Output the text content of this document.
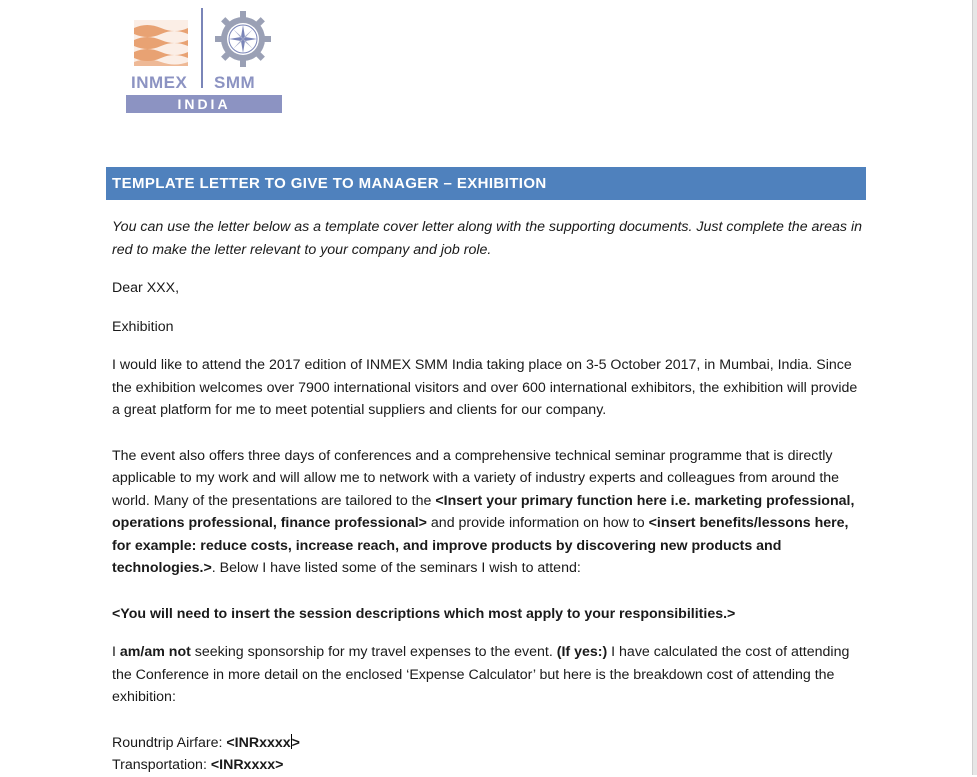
INMEX SMM
INDIA
TEMPLATE LETTER TO GIVE TO MANAGER – EXHIBITION

You can use the letter below as a template cover letter along with the supporting documents. Just complete the areas in red to make the letter relevant to your company and job role.

Dear XXX,

Exhibition

I would like to attend the 2017 edition of INMEX SMM India taking place on 3-5 October 2017, in Mumbai, India. Since the exhibition welcomes over 7900 international visitors and over 600 international exhibitors, the exhibition will provide a great platform for me to meet potential suppliers and clients for our company.

The event also offers three days of conferences and a comprehensive technical seminar programme that is directly applicable to my work and will allow me to network with a variety of industry experts and colleagues from around the world. Many of the presentations are tailored to the <Insert your primary function here i.e. marketing professional, operations professional, finance professional> and provide information on how to <insert benefits/lessons here, for example: reduce costs, increase reach, and improve products by discovering new products and technologies.>. Below I have listed some of the seminars I wish to attend:

<You will need to insert the session descriptions which most apply to your responsibilities.>

I am/am not seeking sponsorship for my travel expenses to the event. (If yes:) I have calculated the cost of attending the Conference in more detail on the enclosed ‘Expense Calculator’ but here is the breakdown cost of attending the exhibition:

Roundtrip Airfare: <INRxxxx>

Transportation: <INRxxxx>
